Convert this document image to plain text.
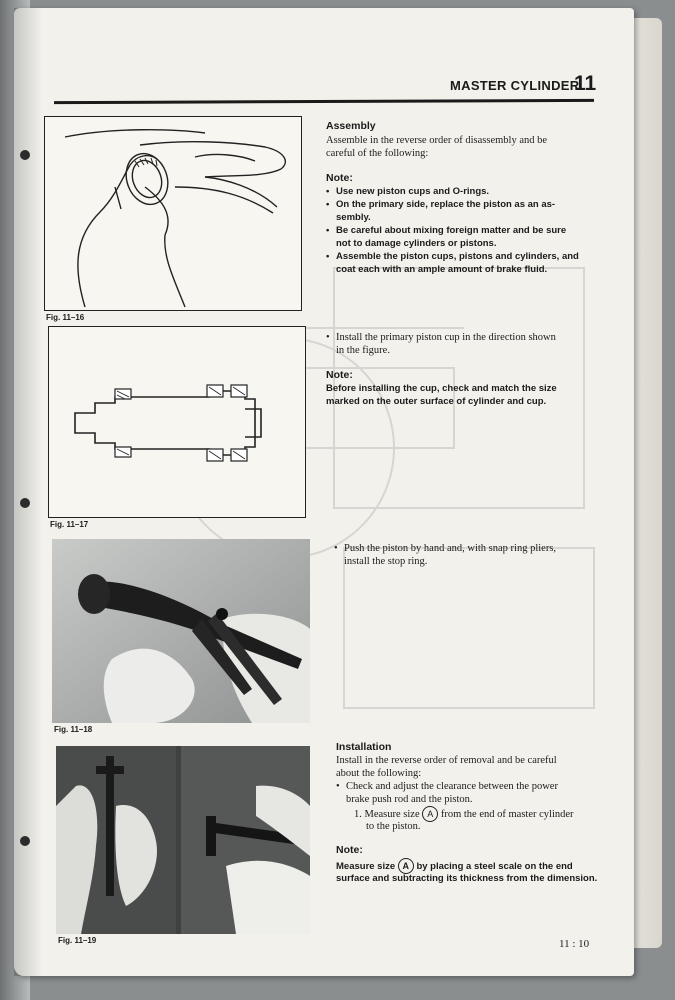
MASTER CYLINDER
11
Fig. 11–16
Fig. 11–17
Fig. 11–18
Fig. 11–19
Assembly
Assemble in the reverse order of disassembly and be
careful of the following:
Note:
• Use new piston cups and O-rings.
• On the primary side, replace the piston as an as-
sembly.
• Be careful about mixing foreign matter and be sure
not to damage cylinders or pistons.
• Assemble the piston cups, pistons and cylinders, and
coat each with an ample amount of brake fluid.
• Install the primary piston cup in the direction shown
in the figure.
Note:
Before installing the cup, check and match the size
marked on the outer surface of cylinder and cup.
• Push the piston by hand and, with snap ring pliers,
install the stop ring.
Installation
Install in the reverse order of removal and be careful
about the following:
• Check and adjust the clearance between the power
brake push rod and the piston.
1. Measure size A from the end of master cylinder
to the piston.
Note:
Measure size A by placing a steel scale on the end
surface and subtracting its thickness from the dimension.
11 : 10
